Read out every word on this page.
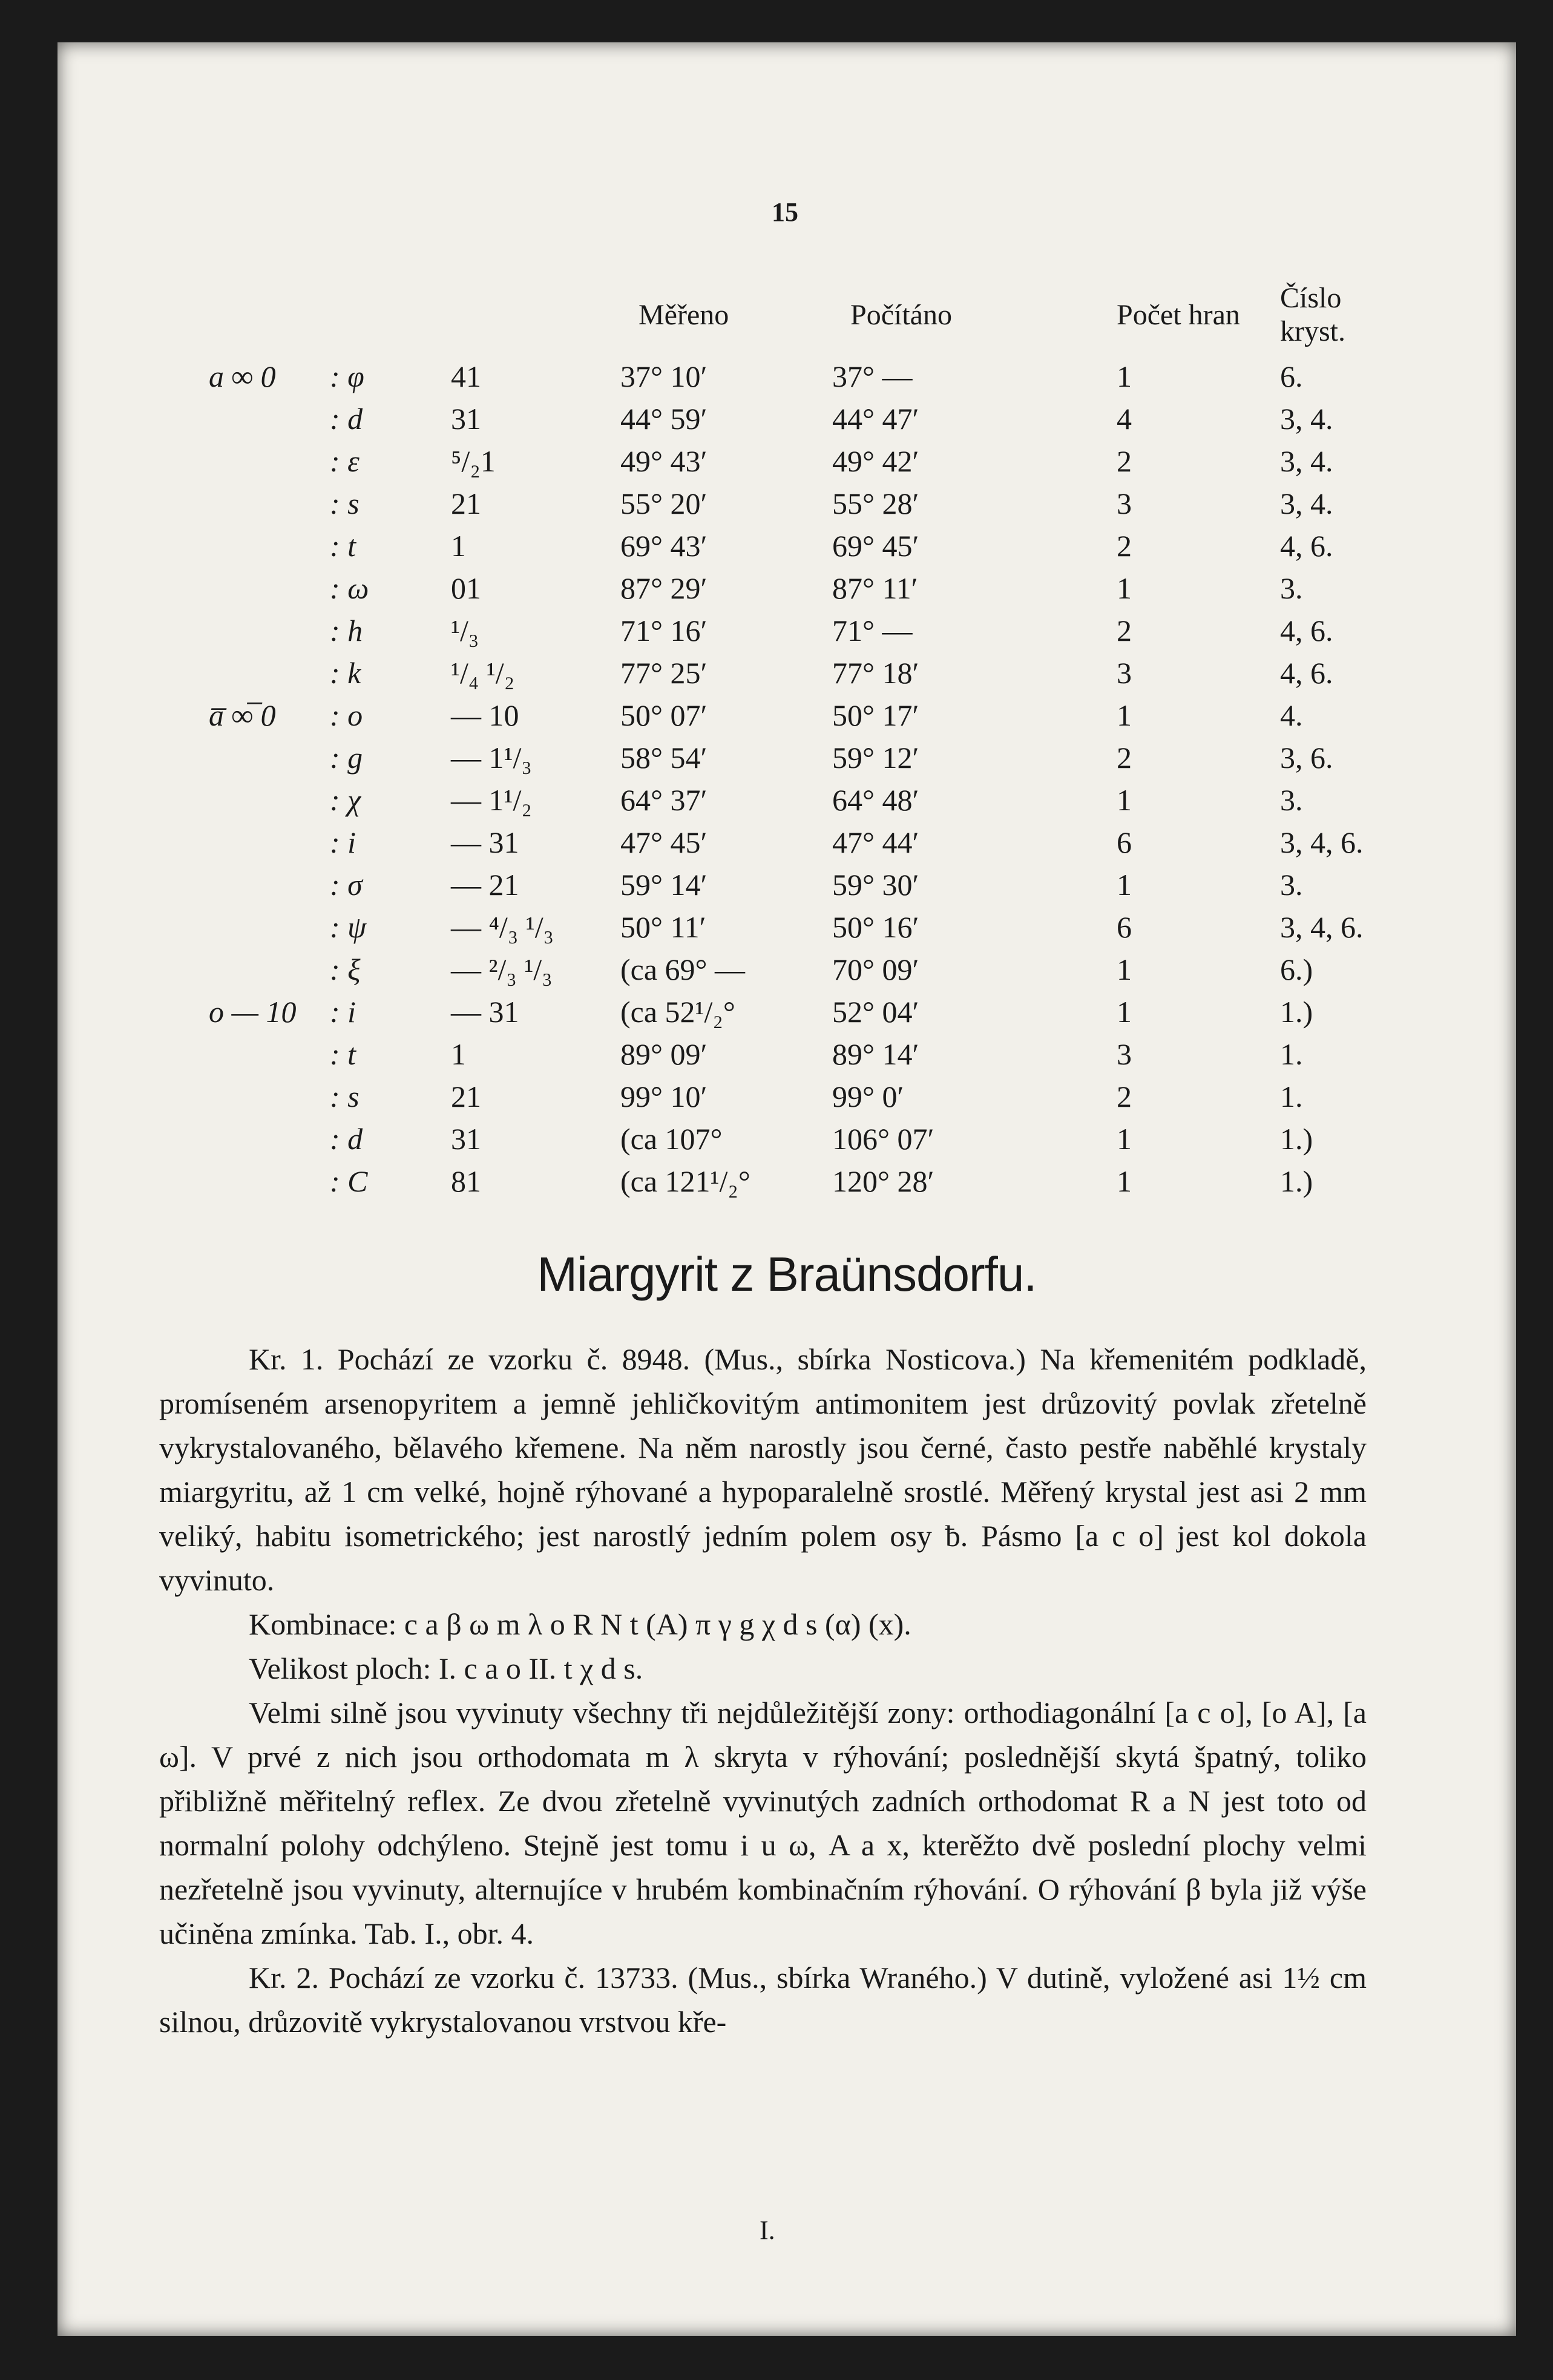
15
			Měřeno	Počítáno	Počet hran	Číslo kryst.
a ∞ 0	: φ	41	37° 10′	37° —	1	6.
	: d	31	44° 59′	44° 47′	4	3, 4.
	: ε	⁵/₂1	49° 43′	49° 42′	2	3, 4.
	: s	21	55° 20′	55° 28′	3	3, 4.
	: t	1	69° 43′	69° 45′	2	4, 6.
	: ω	01	87° 29′	87° 11′	1	3.
	: h	¹/₃	71° 16′	71° —	2	4, 6.
	: k	¹/₄ ¹/₂	77° 25′	77° 18′	3	4, 6.
a̅ ∞̅ 0	: o	— 10	50° 07′	50° 17′	1	4.
	: g	— 1¹/₃	58° 54′	59° 12′	2	3, 6.
	: χ	— 1¹/₂	64° 37′	64° 48′	1	3.
	: i	— 31	47° 45′	47° 44′	6	3, 4, 6.
	: σ	— 21	59° 14′	59° 30′	1	3.
	: ψ	— ⁴/₃ ¹/₃	50° 11′	50° 16′	6	3, 4, 6.
	: ξ	— ²/₃ ¹/₃	(ca 69° —	70° 09′	1	6.)
o — 10	: i	— 31	(ca 52¹/₂°	52° 04′	1	1.)
	: t	1	89° 09′	89° 14′	3	1.
	: s	21	99° 10′	99° 0′	2	1.
	: d	31	(ca 107°	106° 07′	1	1.)
	: C	81	(ca 121¹/₂°	120° 28′	1	1.)
Miargyrit z Braünsdorfu.

Kr. 1. Pochází ze vzorku č. 8948. (Mus., sbírka Nosticova.) Na křemenitém podkladě, promíseném arsenopyritem a jemně jehličkovitým antimonitem jest drůzovitý povlak zřetelně vykrystalovaného, bělavého křemene. Na něm narostly jsou černé, často pestře naběhlé krystaly miargyritu, až 1 cm velké, hojně rýhované a hypoparalelně srostlé. Měřený krystal jest asi 2 mm veliký, habitu isometrického; jest narostlý jedním polem osy ƀ. Pásmo [a c o] jest kol dokola vyvinuto.

Kombinace: c a β ω m λ o R N t (A) π γ g χ d s (α) (x).

Velikost ploch: I. c a o II. t χ d s.

Velmi silně jsou vyvinuty všechny tři nejdůležitější zony: orthodiagonální [a c o], [o A], [a ω]. V prvé z nich jsou orthodomata m λ skryta v rýhování; poslednější skytá špatný, toliko přibližně měřitelný reflex. Ze dvou zřetelně vyvinutých zadních orthodomat R a N jest toto od normalní polohy odchýleno. Stejně jest tomu i u ω, A a x, kterěžto dvě poslední plochy velmi nezřetelně jsou vyvinuty, alternujíce v hrubém kombinačním rýhování. O rýhování β byla již výše učiněna zmínka. Tab. I., obr. 4.

Kr. 2. Pochází ze vzorku č. 13733. (Mus., sbírka Wraného.) V dutině, vyložené asi 1½ cm silnou, drůzovitě vykrystalovanou vrstvou kře-

I.
